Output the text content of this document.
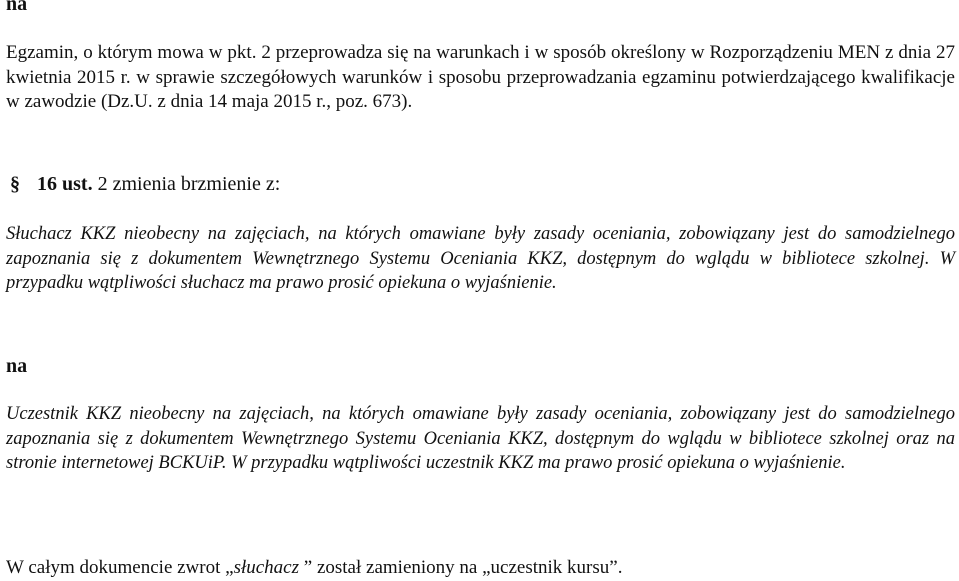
na

Egzamin, o którym mowa w pkt. 2 przeprowadza się na warunkach i w sposób określony w Rozporządzeniu MEN z dnia 27 kwietnia 2015 r. w sprawie szczegółowych warunków i sposobu przeprowadzania egzaminu potwierdzającego kwalifikacje w zawodzie (Dz.U. z dnia 14 maja 2015 r., poz. 673).

§ 16 ust. 2 zmienia brzmienie z:

Słuchacz KKZ nieobecny na zajęciach, na których omawiane były zasady oceniania, zobowiązany jest do samodzielnego zapoznania się z dokumentem Wewnętrznego Systemu Oceniania KKZ, dostępnym do wglądu w bibliotece szkolnej. W przypadku wątpliwości słuchacz ma prawo prosić opiekuna o wyjaśnienie.

na

Uczestnik KKZ nieobecny na zajęciach, na których omawiane były zasady oceniania, zobowiązany jest do samodzielnego zapoznania się z dokumentem Wewnętrznego Systemu Oceniania KKZ, dostępnym do wglądu w bibliotece szkolnej oraz na stronie internetowej BCKUiP. W przypadku wątpliwości uczestnik KKZ ma prawo prosić opiekuna o wyjaśnienie.

W całym dokumencie zwrot „słuchacz ” został zamieniony na „uczestnik kursu”.
